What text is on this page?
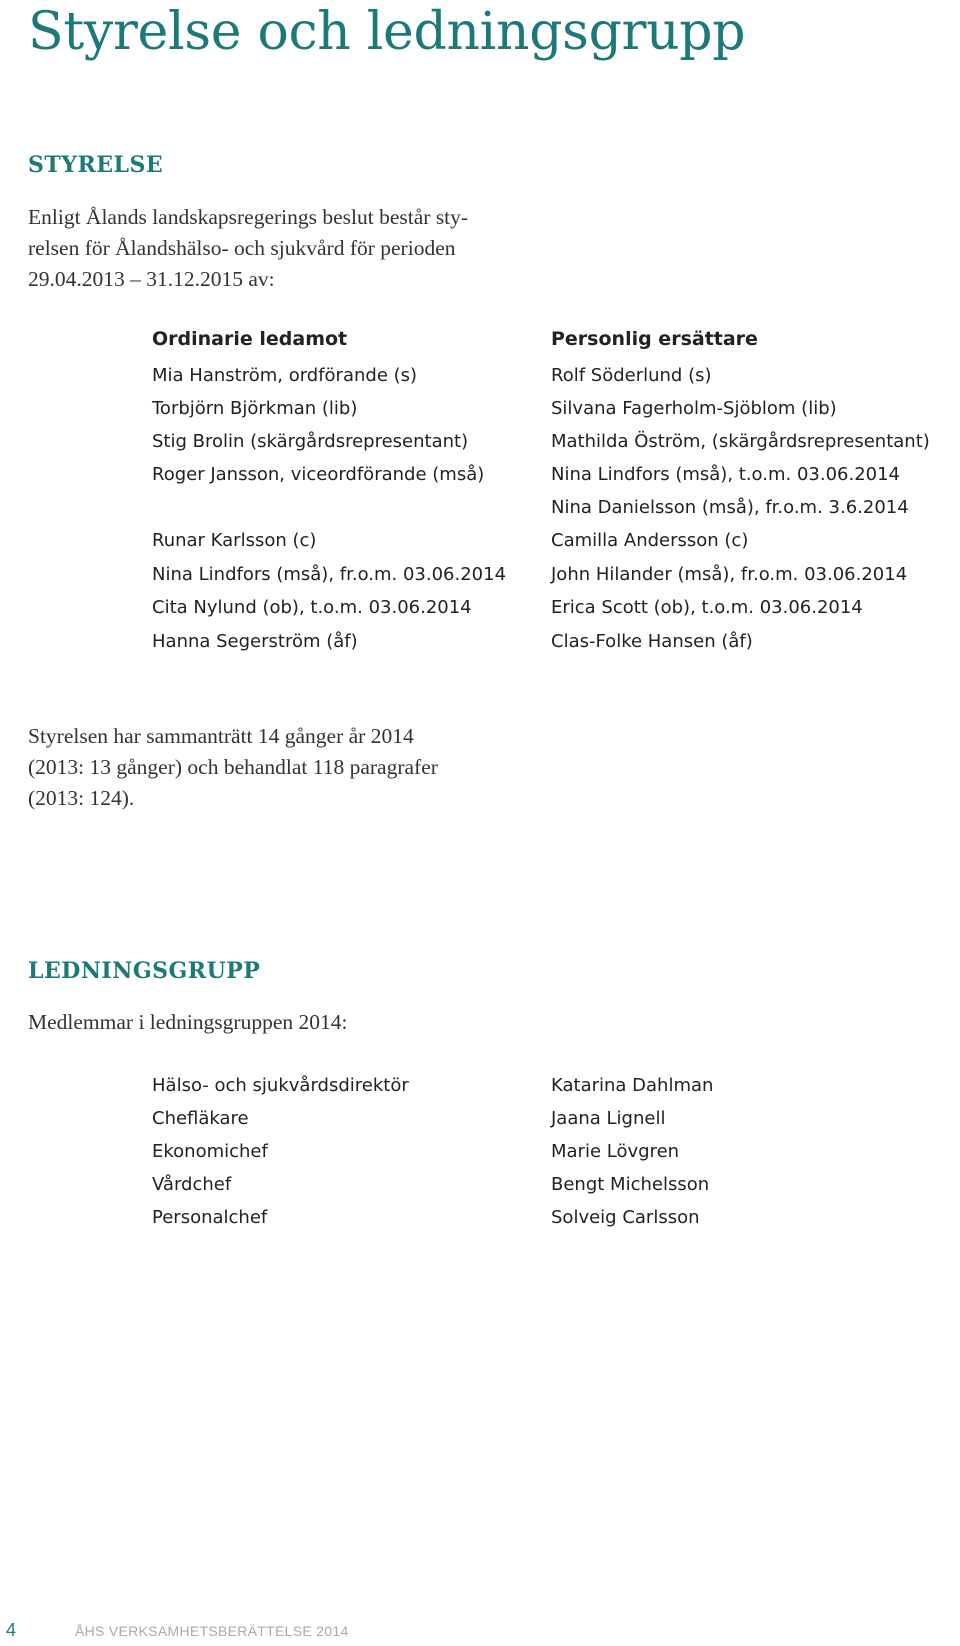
Styrelse och ledningsgrupp
STYRELSE

Enligt Ålands landskapsregerings beslut består sty-
relsen för Ålandshälso- och sjukvård för perioden
29.04.2013 – 31.12.2015 av:

Ordinarie ledamot	Personlig ersättare
Mia Hanström, ordförande (s)
Torbjörn Björkman (lib)
Stig Brolin (skärgårdsrepresentant)
Roger Jansson, viceordförande (mså)
Runar Karlsson (c)
Nina Lindfors (mså), fr.o.m. 03.06.2014
Cita Nylund (ob), t.o.m. 03.06.2014
Hanna Segerström (åf)
Rolf Söderlund (s)
Silvana Fagerholm-Sjöblom (lib)
Mathilda Öström, (skärgårdsrepresentant)
Nina Lindfors (mså), t.o.m. 03.06.2014
Nina Danielsson (mså), fr.o.m. 3.6.2014
Camilla Andersson (c)
John Hilander (mså), fr.o.m. 03.06.2014
Erica Scott (ob), t.o.m. 03.06.2014
Clas-Folke Hansen (åf)

Styrelsen har sammanträtt 14 gånger år 2014
(2013: 13 gånger) och behandlat 118 paragrafer
(2013: 124).

LEDNINGSGRUPP

Medlemmar i ledningsgruppen 2014:

Hälso- och sjukvårdsdirektör
Chefläkare
Ekonomichef
Vårdchef
Personalchef
Katarina Dahlman
Jaana Lignell
Marie Lövgren
Bengt Michelsson
Solveig Carlsson
4	ÅHS VERKSAMHETSBERÄTTELSE 2014
